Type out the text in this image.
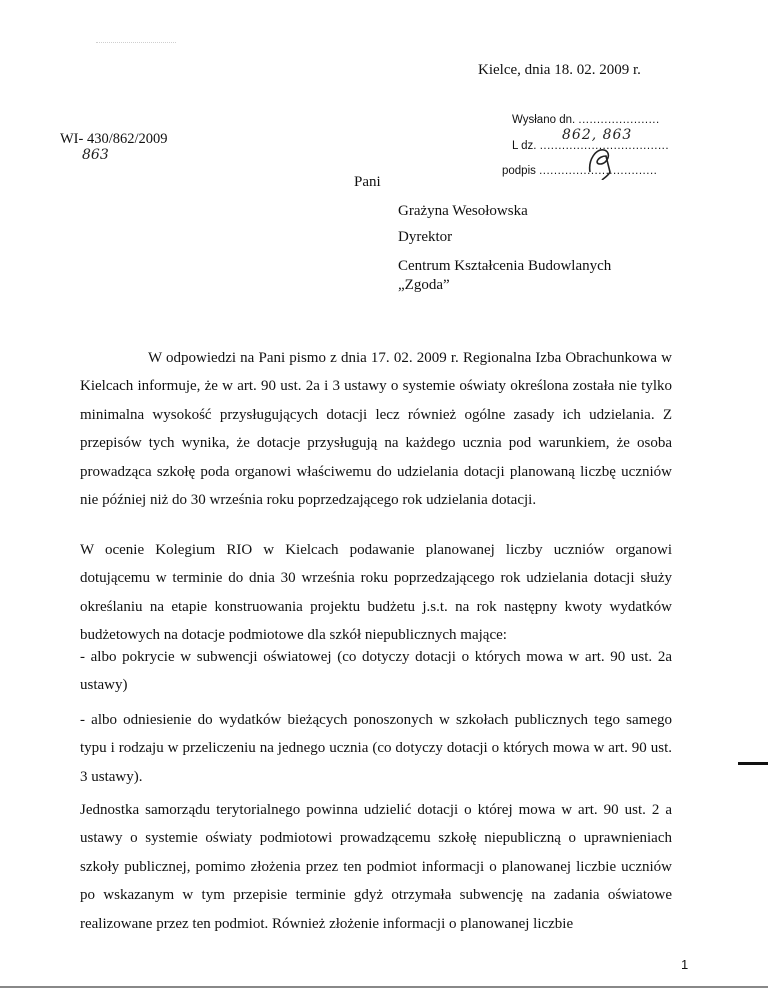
Kielce, dnia 18. 02. 2009 r.
WI- 430/862/2009
863
Wysłano dn. ......................
L dz. ...................................
862, 863
podpis ................................
Pani
Grażyna Wesołowska
Dyrektor
Centrum Kształcenia Budowlanych
„Zgoda”

W odpowiedzi na Pani pismo z dnia 17. 02. 2009 r. Regionalna Izba Obrachunkowa w Kielcach informuje, że w art. 90 ust. 2a i 3 ustawy o systemie oświaty określona została nie tylko minimalna wysokość przysługujących dotacji lecz również ogólne zasady ich udzielania. Z przepisów tych wynika, że dotacje przysługują na każdego ucznia pod warunkiem, że osoba prowadząca szkołę poda organowi właściwemu do udzielania dotacji planowaną liczbę uczniów nie później niż do 30 września roku poprzedzającego rok udzielania dotacji.

W ocenie Kolegium RIO w Kielcach podawanie planowanej liczby uczniów organowi dotującemu w terminie do dnia 30 września roku poprzedzającego rok udzielania dotacji służy określaniu na etapie konstruowania projektu budżetu j.s.t. na rok następny kwoty wydatków budżetowych na dotacje podmiotowe dla szkół niepublicznych mające:

- albo pokrycie w subwencji oświatowej (co dotyczy dotacji o których mowa w art. 90 ust. 2a ustawy)

- albo odniesienie do wydatków bieżących ponoszonych w szkołach publicznych tego samego typu i rodzaju w przeliczeniu na jednego ucznia (co dotyczy dotacji o których mowa w art. 90 ust. 3 ustawy).

Jednostka samorządu terytorialnego powinna udzielić dotacji o której mowa w art. 90 ust. 2 a ustawy o systemie oświaty podmiotowi prowadzącemu szkołę niepubliczną o uprawnieniach szkoły publicznej, pomimo złożenia przez ten podmiot informacji o planowanej liczbie uczniów po wskazanym w tym przepisie terminie gdyż otrzymała subwencję na zadania oświatowe realizowane przez ten podmiot. Również złożenie informacji o planowanej liczbie

1
